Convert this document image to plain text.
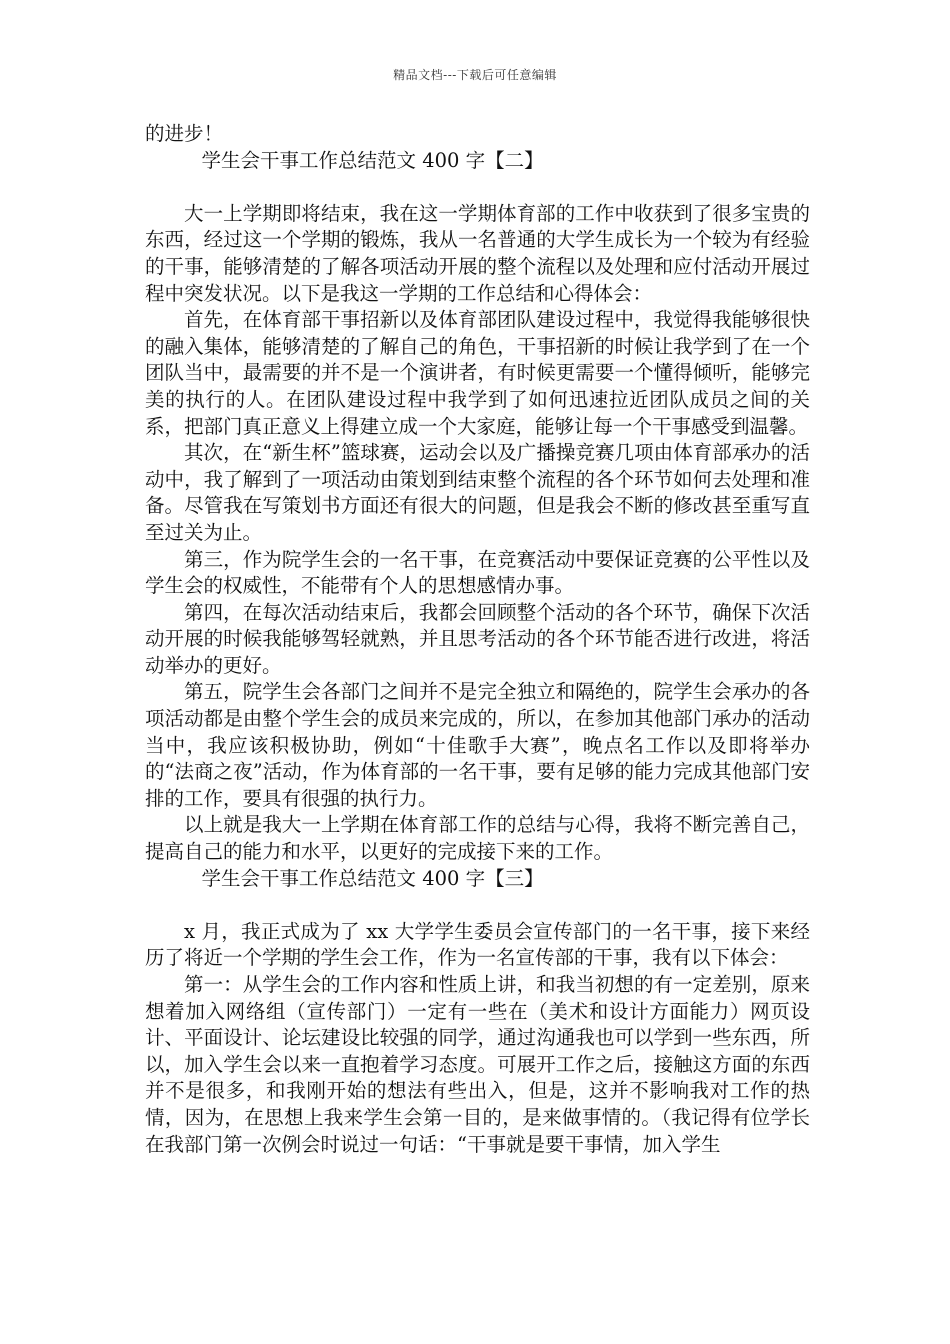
精品文档---下载后可任意编辑

的进步！

学生会干事工作总结范文 400 字【二】

大一上学期即将结束，我在这一学期体育部的工作中收获到了很多宝贵的东西，经过这一个学期的锻炼，我从一名普通的大学生成长为一个较为有经验的干事，能够清楚的了解各项活动开展的整个流程以及处理和应付活动开展过程中突发状况。以下是我这一学期的工作总结和心得体会：

首先，在体育部干事招新以及体育部团队建设过程中，我觉得我能够很快的融入集体，能够清楚的了解自己的角色，干事招新的时候让我学到了在一个团队当中，最需要的并不是一个演讲者，有时候更需要一个懂得倾听，能够完美的执行的人。在团队建设过程中我学到了如何迅速拉近团队成员之间的关系，把部门真正意义上得建立成一个大家庭，能够让每一个干事感受到温馨。

其次，在“新生杯”篮球赛，运动会以及广播操竞赛几项由体育部承办的活动中，我了解到了一项活动由策划到结束整个流程的各个环节如何去处理和准备。尽管我在写策划书方面还有很大的问题，但是我会不断的修改甚至重写直至过关为止。

第三，作为院学生会的一名干事，在竞赛活动中要保证竞赛的公平性以及学生会的权威性，不能带有个人的思想感情办事。

第四，在每次活动结束后，我都会回顾整个活动的各个环节，确保下次活动开展的时候我能够驾轻就熟，并且思考活动的各个环节能否进行改进，将活动举办的更好。

第五，院学生会各部门之间并不是完全独立和隔绝的，院学生会承办的各项活动都是由整个学生会的成员来完成的，所以，在参加其他部门承办的活动当中，我应该积极协助，例如“十佳歌手大赛”，晚点名工作以及即将举办的“法商之夜”活动，作为体育部的一名干事，要有足够的能力完成其他部门安排的工作，要具有很强的执行力。

以上就是我大一上学期在体育部工作的总结与心得，我将不断完善自己，提高自己的能力和水平，以更好的完成接下来的工作。

学生会干事工作总结范文 400 字【三】

x 月，我正式成为了 xx 大学学生委员会宣传部门的一名干事，接下来经历了将近一个学期的学生会工作，作为一名宣传部的干事，我有以下体会：

第一：从学生会的工作内容和性质上讲，和我当初想的有一定差别，原来想着加入网络组（宣传部门）一定有一些在（美术和设计方面能力）网页设计、平面设计、论坛建设比较强的同学，通过沟通我也可以学到一些东西，所以，加入学生会以来一直抱着学习态度。可展开工作之后，接触这方面的东西并不是很多，和我刚开始的想法有些出入，但是，这并不影响我对工作的热情，因为，在思想上我来学生会第一目的，是来做事情的。（我记得有位学长在我部门第一次例会时说过一句话：“干事就是要干事情，加入学生
